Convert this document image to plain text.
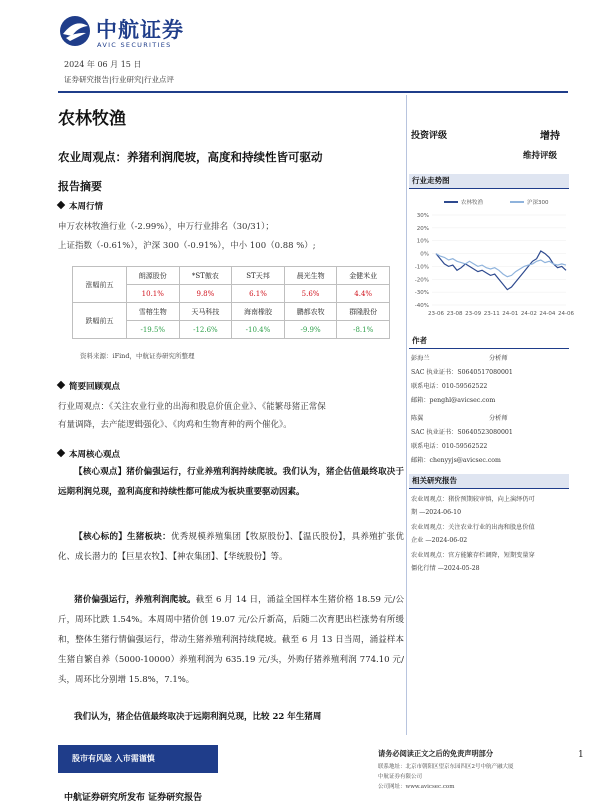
中航证券
AVIC SECURITIES
2024 年 06 月 15 日
证券研究报告|行业研究|行业点评
农林牧渔
农业周观点：养猪利润爬坡，高度和持续性皆可驱动
报告摘要
本周行情
申万农林牧渔行业（-2.99%），申万行业排名（30/31）；
上证指数（-0.61%），沪深 300（-0.91%），中小 100（0.88 %）;
涨幅前五	朗源股份	*ST傲农	ST天邦	晨光生物	金健米业
	10.1%	9.8%	6.1%	5.6%	4.4%
跌幅前五	雪榕生物	天马科技	海南橡胶	鹏都农牧	群隆股份
	-19.5%	-12.6%	-10.4%	-9.9%	-8.1%
资料来源：iFind，中航证券研究所整理
简要回顾观点
行业周观点：《关注农业行业的出海和股息价值企业》、《能繁母猪正常保
有量调降，去产能逻辑强化》、《肉鸡和生物育种的两个催化》。
本周核心观点
【核心观点】猪价偏强运行，行业养殖利润持续爬坡。我们认为，猪企估值最终取决于远期利润兑现，盈利高度和持续性都可能成为板块重要驱动因素。
【核心标的】生猪板块：优秀规模养殖集团【牧原股份】、【温氏股份】，具养殖扩张优化、成长潜力的【巨星农牧】、【神农集团】、【华统股份】等。
猪价偏强运行，养殖利润爬坡。截至 6 月 14 日，涌益全国样本生猪价格 18.59 元/公斤，周环比跌 1.54%。本周周中猪价创 19.07 元/公斤新高，后随二次育肥出栏涨势有所缓和，整体生猪行情偏强运行，带动生猪养殖利润持续爬坡。截至 6 月 13 日当周，涌益样本生猪自繁自养（5000-10000）养殖利润为 635.19 元/头，外购仔猪养殖利润 774.10 元/头，周环比分别增 15.8%，7.1%。
我们认为，猪企估值最终取决于远期利润兑现，比较 22 年生猪周
投资评级	增持
维持评级
行业走势图
农林牧渔	沪深300
30%
20%
10%
0%
-10%
-20%
-30%
-40%
23-06 23-08 23-09 23-11 24-01 24-02 24-04 24-06
作者
彭海兰	分析师
SAC 执业证书：S0640517080001
联系电话：010-59562522
邮箱：penghl@avicsec.com
陈翼	分析师
SAC 执业证书：S0640523080001
联系电话：010-59562522
邮箱：chenyyjs@avicsec.com
相关研究报告
农业周观点：猪价预期较审慎，向上演绎仍可
期 —2024-06-10
农业周观点：关注农业行业的出海和股息价值
企业 —2024-06-02
农业周观点：官方能繁存栏调降，短期变量穿
僵化行情 —2024-05-28
股市有风险 入市需谨慎	请务必阅读正文之后的免责声明部分
联系地址：北京市朝阳区望京东园四区2号中航产融大厦
中航证券有限公司
公司网址：www.avicsec.com
1
中航证券研究所发布 证券研究报告
